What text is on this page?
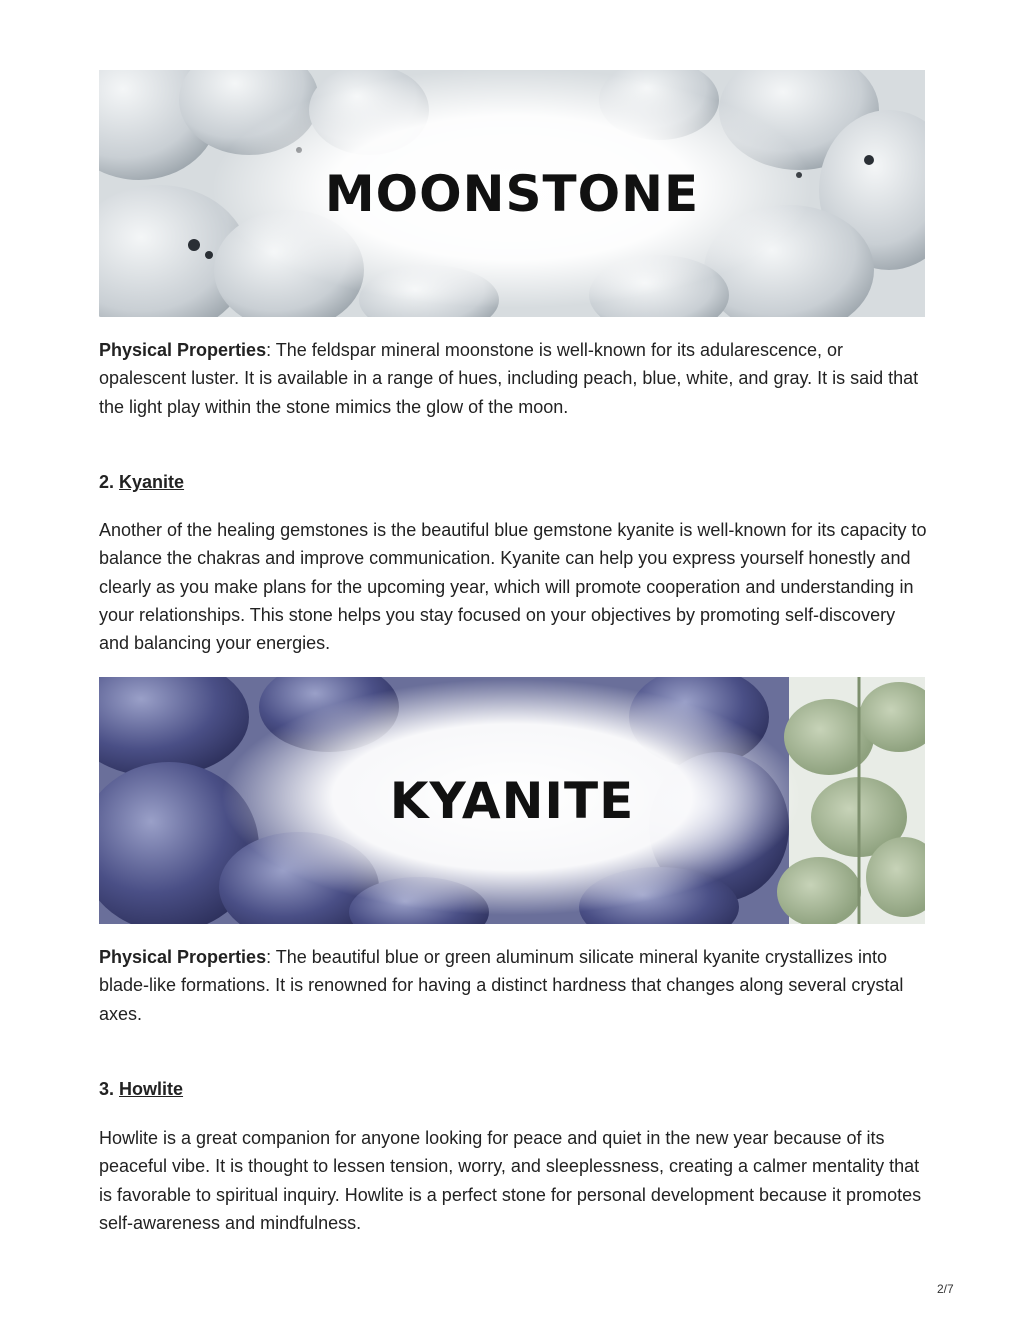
MOONSTONE

Physical Properties: The feldspar mineral moonstone is well-known for its adularescence, or opalescent luster. It is available in a range of hues, including peach, blue, white, and gray. It is said that the light play within the stone mimics the glow of the moon.

2. Kyanite

Another of the healing gemstones is the beautiful blue gemstone kyanite is well-known for its capacity to balance the chakras and improve communication. Kyanite can help you express yourself honestly and clearly as you make plans for the upcoming year, which will promote cooperation and understanding in your relationships. This stone helps you stay focused on your objectives by promoting self-discovery and balancing your energies.

KYANITE

Physical Properties: The beautiful blue or green aluminum silicate mineral kyanite crystallizes into blade-like formations. It is renowned for having a distinct hardness that changes along several crystal axes.

3. Howlite

Howlite is a great companion for anyone looking for peace and quiet in the new year because of its peaceful vibe. It is thought to lessen tension, worry, and sleeplessness, creating a calmer mentality that is favorable to spiritual inquiry. Howlite is a perfect stone for personal development because it promotes self-awareness and mindfulness.

2/7
